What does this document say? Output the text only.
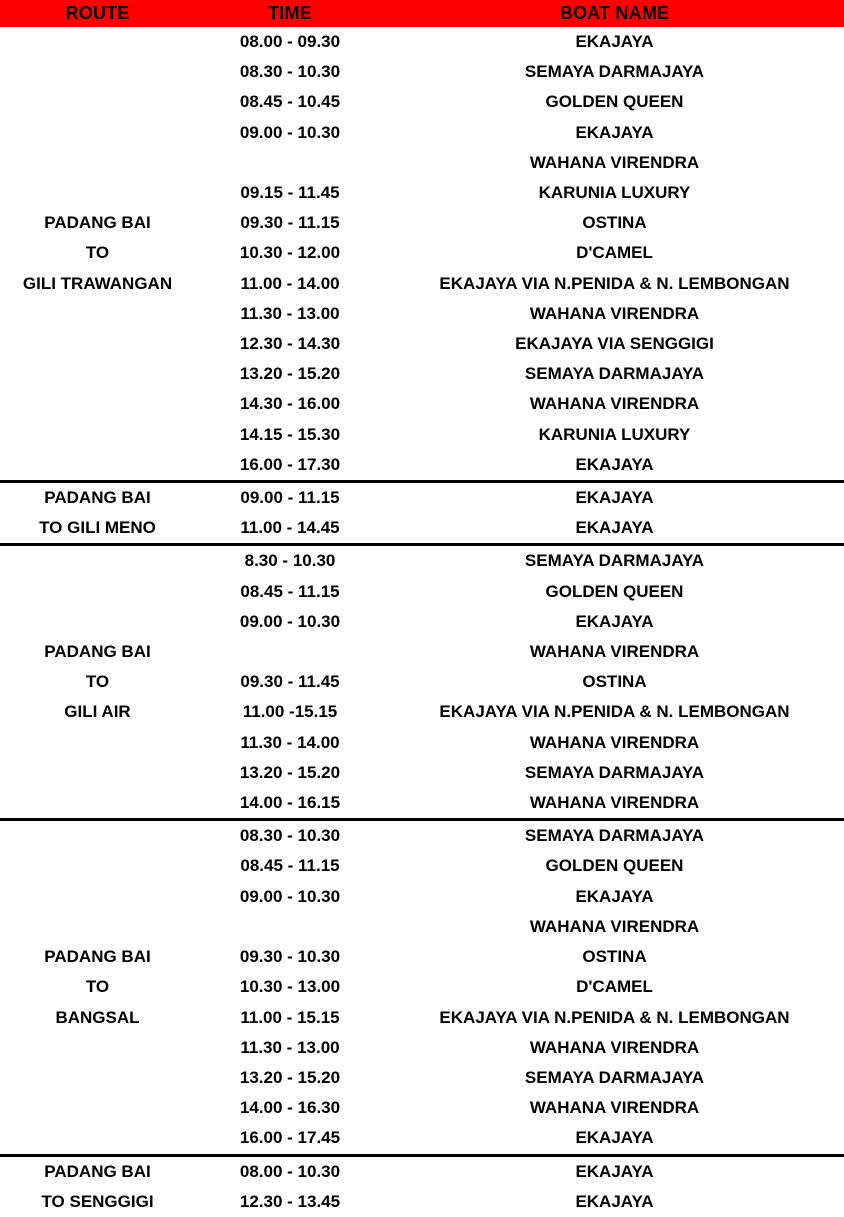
ROUTE	TIME	BOAT NAME
	08.00 - 09.30	EKAJAYA
	08.30 - 10.30	SEMAYA DARMAJAYA
	08.45 - 10.45	GOLDEN QUEEN
	09.00 - 10.30	EKAJAYA
		WAHANA VIRENDRA
	09.15 - 11.45	KARUNIA LUXURY
PADANG BAI	09.30 - 11.15	OSTINA
TO	10.30 - 12.00	D'CAMEL
GILI TRAWANGAN	11.00 - 14.00	EKAJAYA VIA N.PENIDA & N. LEMBONGAN
	11.30 - 13.00	WAHANA VIRENDRA
	12.30 - 14.30	EKAJAYA VIA SENGGIGI
	13.20 - 15.20	SEMAYA DARMAJAYA
	14.30 - 16.00	WAHANA VIRENDRA
	14.15 - 15.30	KARUNIA LUXURY
	16.00 - 17.30	EKAJAYA
PADANG BAI	09.00 - 11.15	EKAJAYA
TO GILI MENO	11.00 - 14.45	EKAJAYA
	8.30 - 10.30	SEMAYA DARMAJAYA
	08.45 - 11.15	GOLDEN QUEEN
	09.00 - 10.30	EKAJAYA
PADANG BAI		WAHANA VIRENDRA
TO	09.30 - 11.45	OSTINA
GILI AIR	11.00 -15.15	EKAJAYA VIA N.PENIDA & N. LEMBONGAN
	11.30 - 14.00	WAHANA VIRENDRA
	13.20 - 15.20	SEMAYA DARMAJAYA
	14.00 - 16.15	WAHANA VIRENDRA
	08.30 - 10.30	SEMAYA DARMAJAYA
	08.45 - 11.15	GOLDEN QUEEN
	09.00 - 10.30	EKAJAYA
		WAHANA VIRENDRA
PADANG BAI	09.30 - 10.30	OSTINA
TO	10.30 - 13.00	D'CAMEL
BANGSAL	11.00 - 15.15	EKAJAYA VIA N.PENIDA & N. LEMBONGAN
	11.30 - 13.00	WAHANA VIRENDRA
	13.20 - 15.20	SEMAYA DARMAJAYA
	14.00 - 16.30	WAHANA VIRENDRA
	16.00 - 17.45	EKAJAYA
PADANG BAI	08.00 - 10.30	EKAJAYA
TO SENGGIGI	12.30 - 13.45	EKAJAYA
